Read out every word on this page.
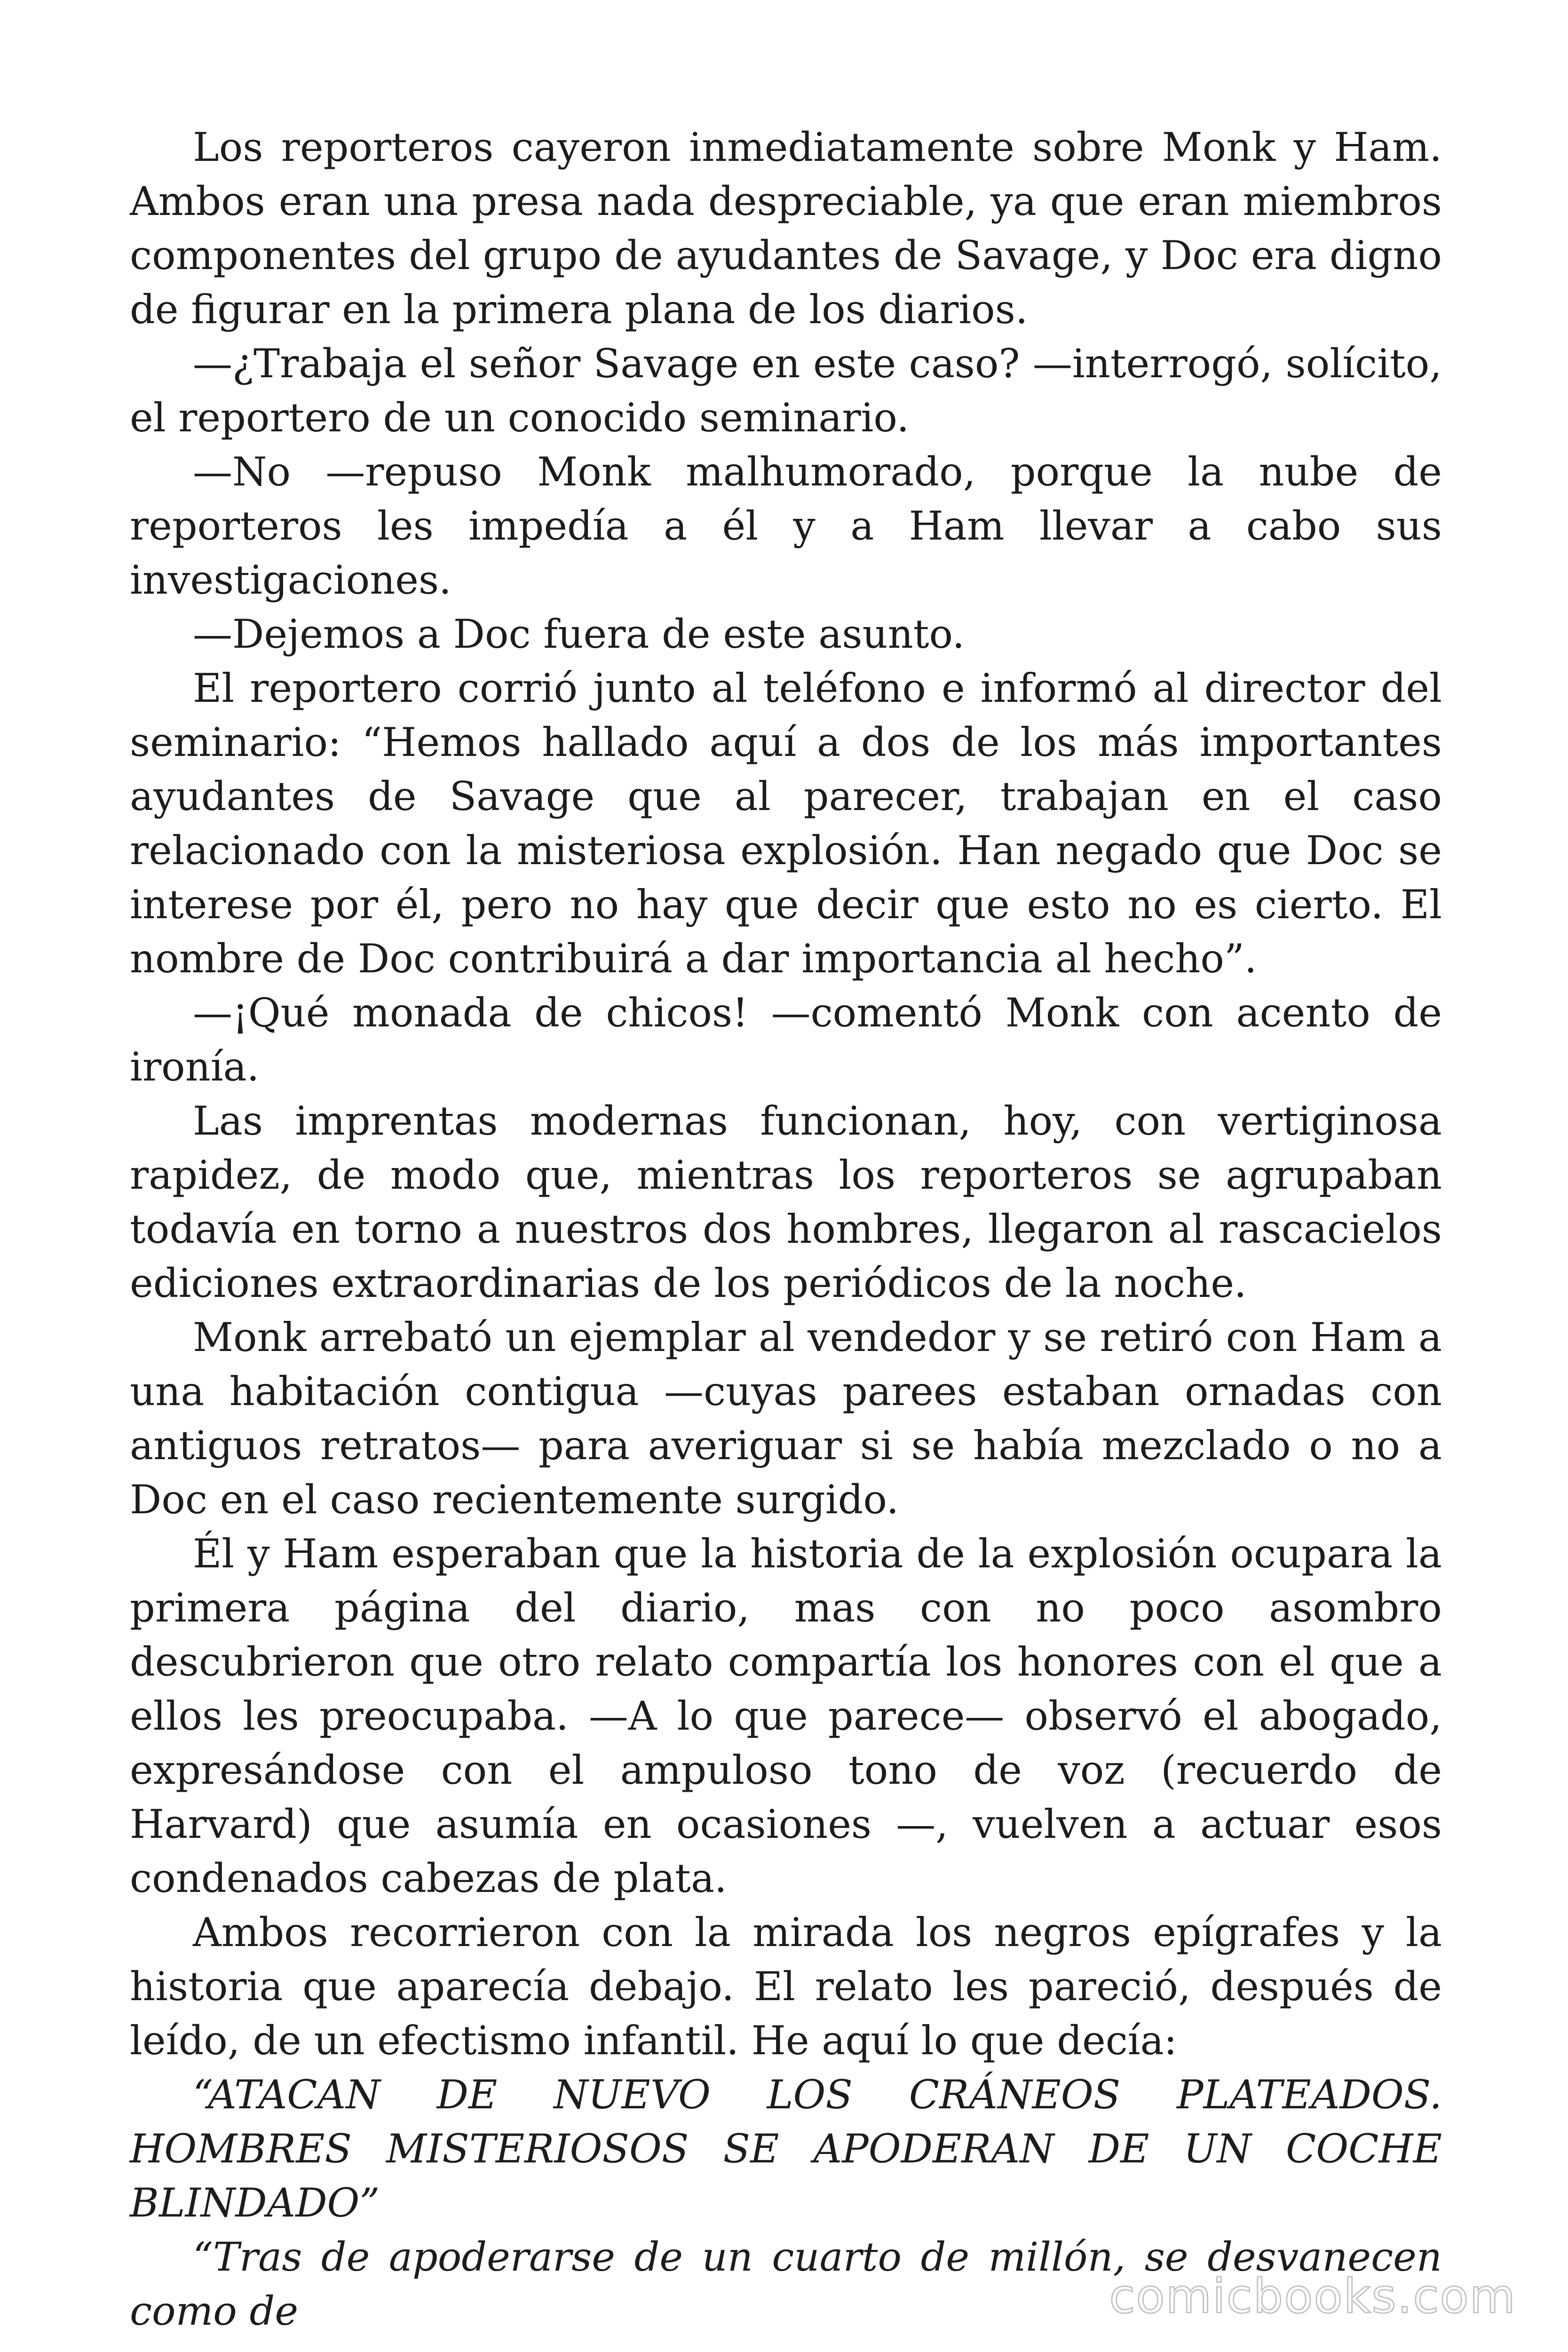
Los reporteros cayeron inmediatamente sobre Monk y Ham. Ambos eran una presa nada despreciable, ya que eran miembros componentes del grupo de ayudantes de Savage, y Doc era digno de figurar en la primera plana de los diarios.

—¿Trabaja el señor Savage en este caso? —interrogó, solícito, el reportero de un conocido seminario.

—No —repuso Monk malhumorado, porque la nube de reporteros les impedía a él y a Ham llevar a cabo sus investigaciones.

—Dejemos a Doc fuera de este asunto.

El reportero corrió junto al teléfono e informó al director del seminario: “Hemos hallado aquí a dos de los más importantes ayudantes de Savage que al parecer, trabajan en el caso relacionado con la misteriosa explosión. Han negado que Doc se interese por él, pero no hay que decir que esto no es cierto. El nombre de Doc contribuirá a dar importancia al hecho”.

—¡Qué monada de chicos! —comentó Monk con acento de ironía.

Las imprentas modernas funcionan, hoy, con vertiginosa rapidez, de modo que, mientras los reporteros se agrupaban todavía en torno a nuestros dos hombres, llegaron al rascacielos ediciones extraordinarias de los periódicos de la noche.

Monk arrebató un ejemplar al vendedor y se retiró con Ham a una habitación contigua —cuyas parees estaban ornadas con antiguos retratos— para averiguar si se había mezclado o no a Doc en el caso recientemente surgido.

Él y Ham esperaban que la historia de la explosión ocupara la primera página del diario, mas con no poco asombro descubrieron que otro relato compartía los honores con el que a ellos les preocupaba. —A lo que parece— observó el abogado, expresándose con el ampuloso tono de voz (recuerdo de Harvard) que asumía en ocasiones —, vuelven a actuar esos condenados cabezas de plata.

Ambos recorrieron con la mirada los negros epígrafes y la historia que aparecía debajo. El relato les pareció, después de leído, de un efectismo infantil. He aquí lo que decía:

“ATACAN DE NUEVO LOS CRÁNEOS PLATEADOS. HOMBRES MISTERIOSOS SE APODERAN DE UN COCHE BLINDADO”

“Tras de apoderarse de un cuarto de millón, se desvanecen como de	comicbooks.com
